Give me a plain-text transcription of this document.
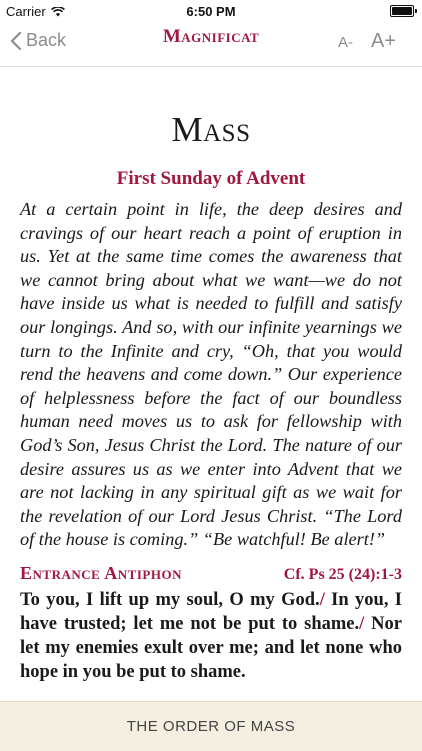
Carrier	6:50 PM
Back	Magnificat	A- A+
Mass
First Sunday of Advent
At a certain point in life, the deep desires and cravings of our heart reach a point of eruption in us. Yet at the same time comes the awareness that we cannot bring about what we want—we do not have inside us what is needed to fulfill and satisfy our longings. And so, with our infinite yearnings we turn to the Infinite and cry, “Oh, that you would rend the heavens and come down.” Our experience of helplessness before the fact of our boundless human need moves us to ask for fellowship with God’s Son, Jesus Christ the Lord. The nature of our desire assures us as we enter into Advent that we are not lacking in any spiritual gift as we wait for the revelation of our Lord Jesus Christ. “The Lord of the house is coming.” “Be watchful! Be alert!”
Entrance Antiphon	Cf. Ps 25 (24):1-3
To you, I lift up my soul, O my God./ In you, I have trusted; let me not be put to shame./ Nor let my enemies exult over me; and let none who hope in you be put to shame.
THE ORDER OF MASS
